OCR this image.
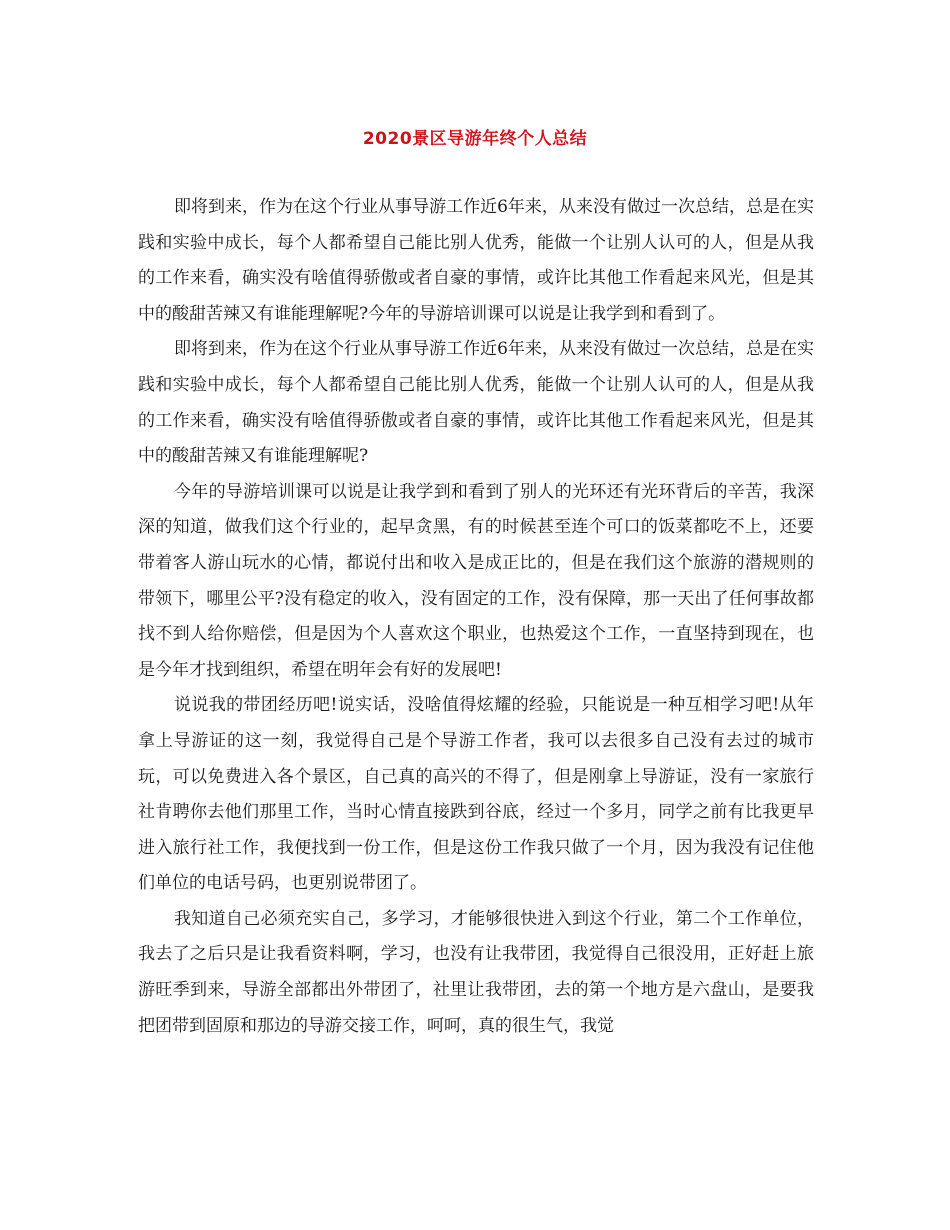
2020景区导游年终个人总结

即将到来，作为在这个行业从事导游工作近6年来，从来没有做过一次总结，总是在实践和实验中成长，每个人都希望自己能比别人优秀，能做一个让别人认可的人，但是从我的工作来看，确实没有啥值得骄傲或者自豪的事情，或许比其他工作看起来风光，但是其中的酸甜苦辣又有谁能理解呢?今年的导游培训课可以说是让我学到和看到了。

即将到来，作为在这个行业从事导游工作近6年来，从来没有做过一次总结，总是在实践和实验中成长，每个人都希望自己能比别人优秀，能做一个让别人认可的人，但是从我的工作来看，确实没有啥值得骄傲或者自豪的事情，或许比其他工作看起来风光，但是其中的酸甜苦辣又有谁能理解呢?

今年的导游培训课可以说是让我学到和看到了别人的光环还有光环背后的辛苦，我深深的知道，做我们这个行业的，起早贪黑，有的时候甚至连个可口的饭菜都吃不上，还要带着客人游山玩水的心情，都说付出和收入是成正比的，但是在我们这个旅游的潜规则的带领下，哪里公平?没有稳定的收入，没有固定的工作，没有保障，那一天出了任何事故都找不到人给你赔偿，但是因为个人喜欢这个职业，也热爱这个工作，一直坚持到现在，也是今年才找到组织，希望在明年会有好的发展吧!

说说我的带团经历吧!说实话，没啥值得炫耀的经验，只能说是一种互相学习吧!从年拿上导游证的这一刻，我觉得自己是个导游工作者，我可以去很多自己没有去过的城市玩，可以免费进入各个景区，自己真的高兴的不得了，但是刚拿上导游证，没有一家旅行社肯聘你去他们那里工作，当时心情直接跌到谷底，经过一个多月，同学之前有比我更早进入旅行社工作，我便找到一份工作，但是这份工作我只做了一个月，因为我没有记住他们单位的电话号码，也更别说带团了。

我知道自己必须充实自己，多学习，才能够很快进入到这个行业，第二个工作单位，我去了之后只是让我看资料啊，学习，也没有让我带团，我觉得自己很没用，正好赶上旅游旺季到来，导游全部都出外带团了，社里让我带团，去的第一个地方是六盘山，是要我把团带到固原和那边的导游交接工作，呵呵，真的很生气，我觉
